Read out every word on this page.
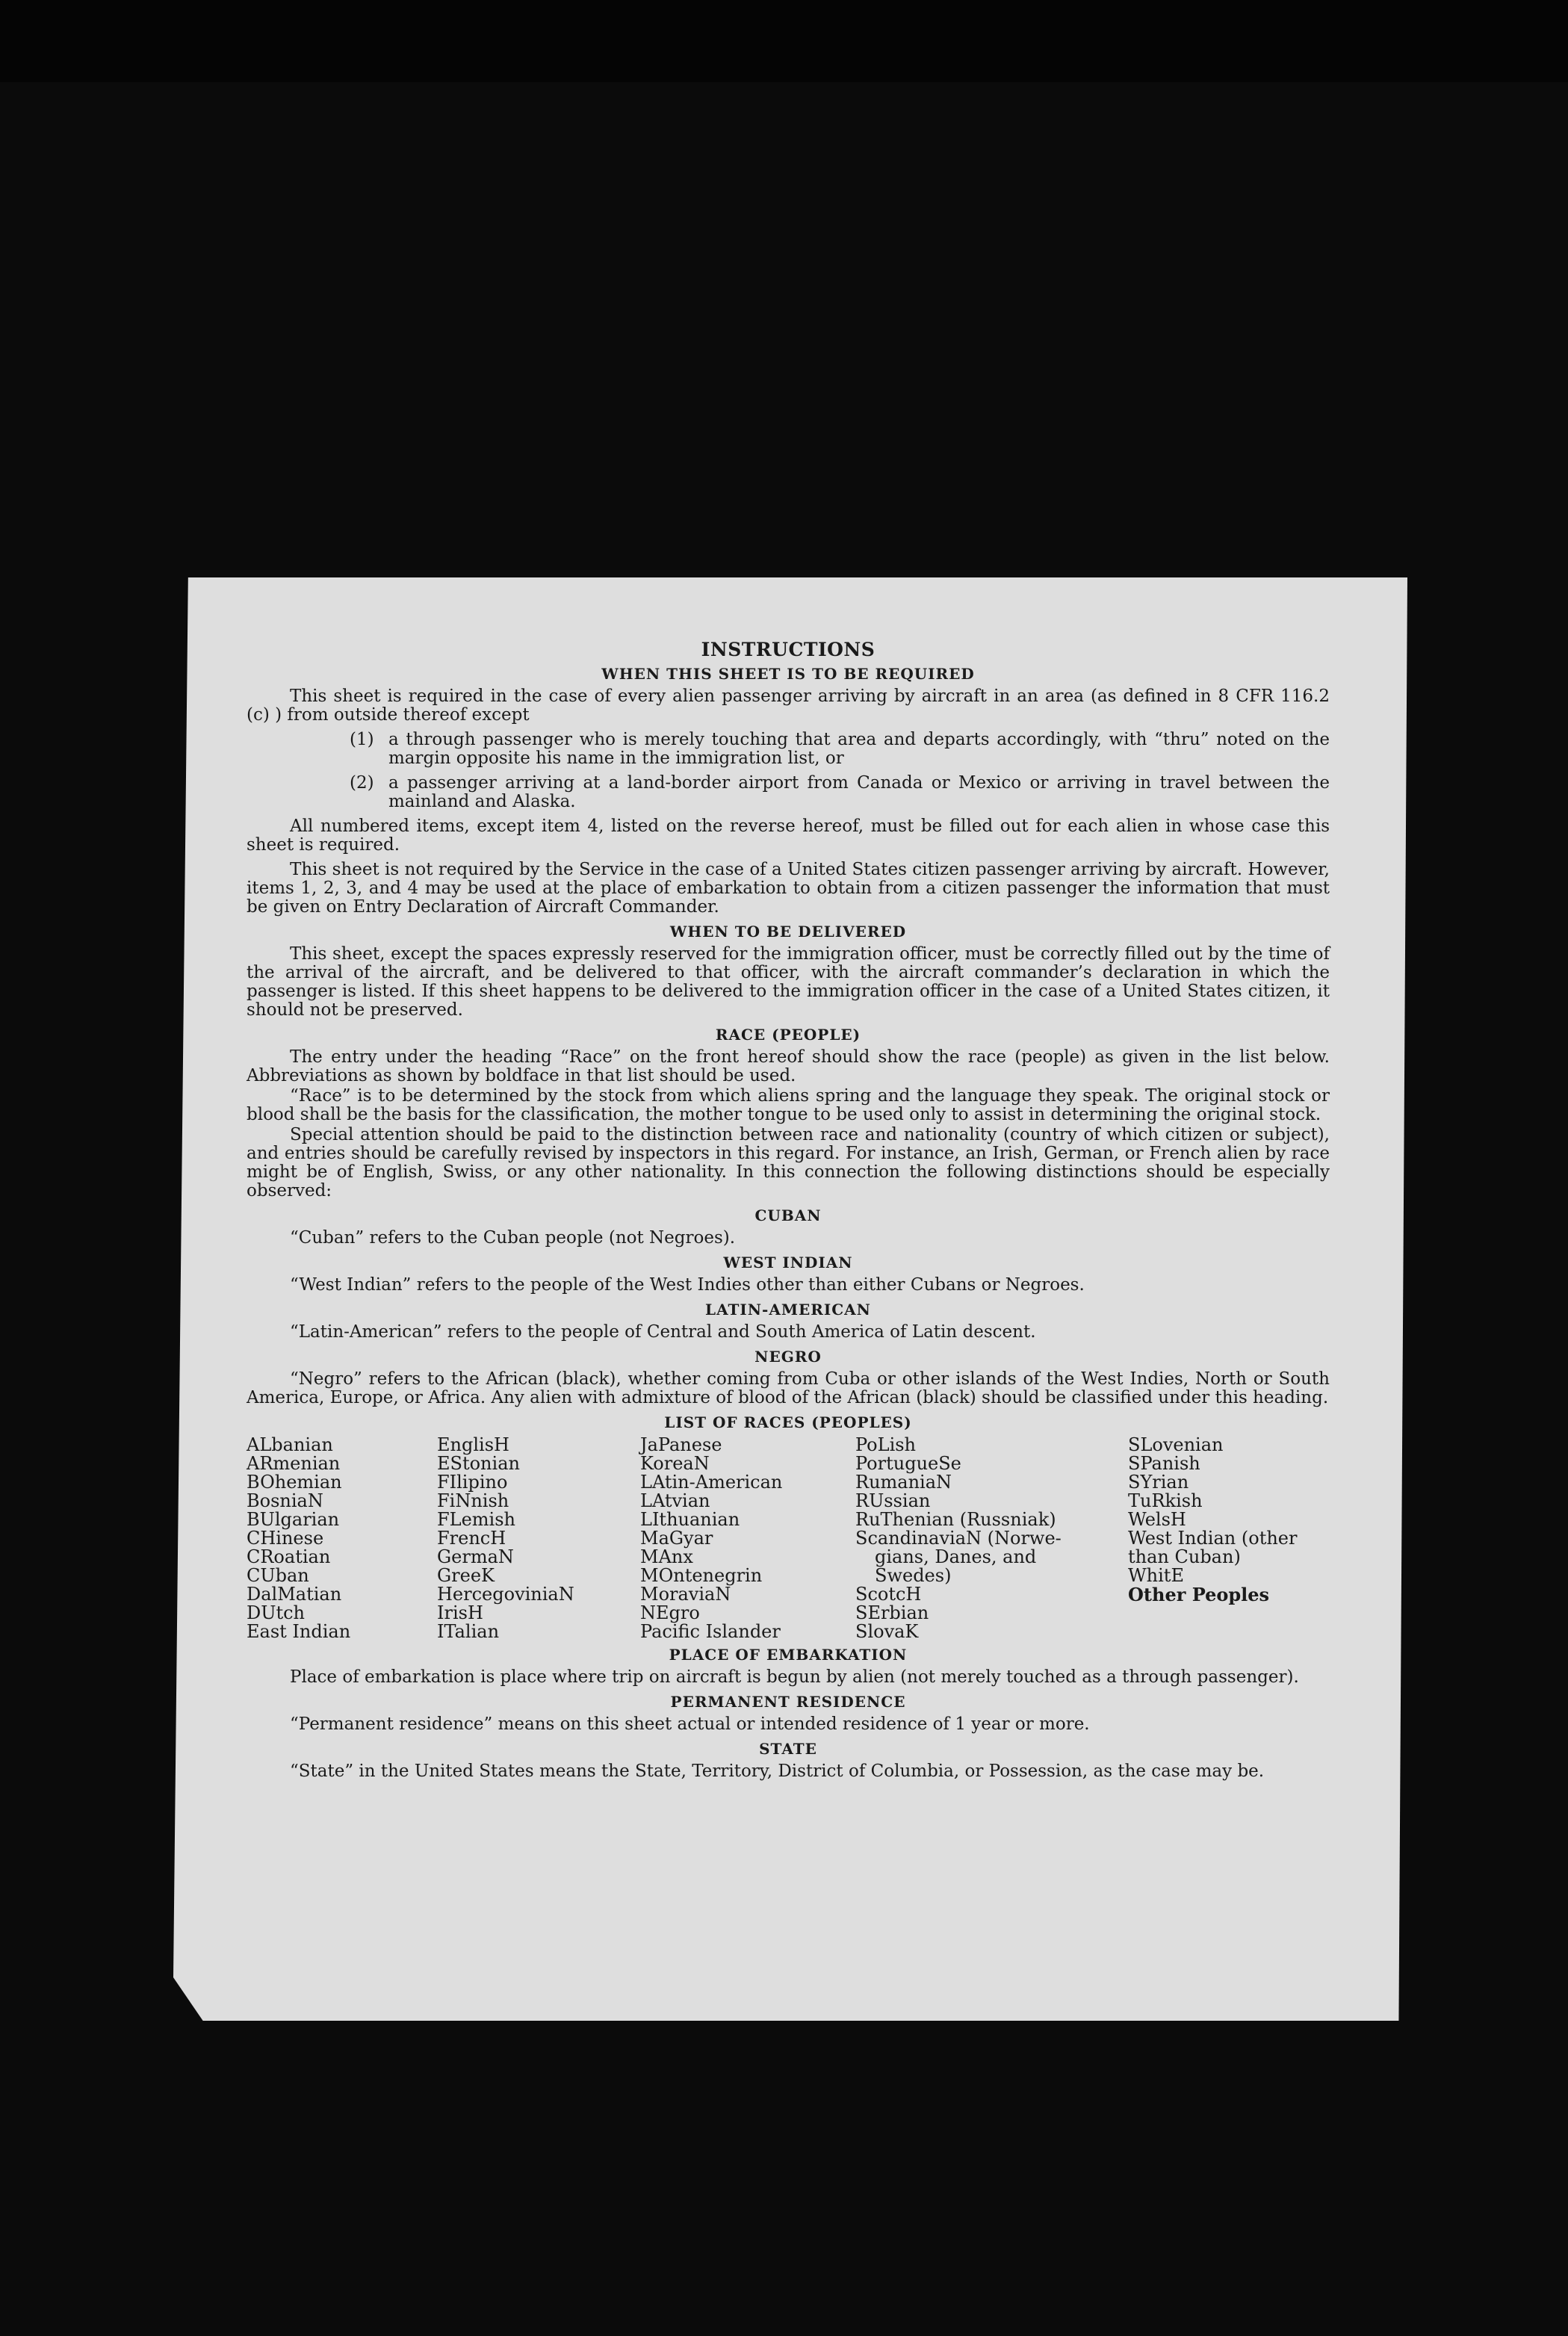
INSTRUCTIONS
WHEN THIS SHEET IS TO BE REQUIRED
This sheet is required in the case of every alien passenger arriving by aircraft in an area (as defined in 8 CFR 116.2 (c) ) from outside thereof except
(1) a through passenger who is merely touching that area and departs accordingly, with “thru” noted on the margin opposite his name in the immigration list, or
(2) a passenger arriving at a land-border airport from Canada or Mexico or arriving in travel between the mainland and Alaska.
All numbered items, except item 4, listed on the reverse hereof, must be filled out for each alien in whose case this sheet is required.
This sheet is not required by the Service in the case of a United States citizen passenger arriving by aircraft. However, items 1, 2, 3, and 4 may be used at the place of embarkation to obtain from a citizen passenger the information that must be given on Entry Declaration of Aircraft Commander.
WHEN TO BE DELIVERED
This sheet, except the spaces expressly reserved for the immigration officer, must be correctly filled out by the time of the arrival of the aircraft, and be delivered to that officer, with the aircraft commander’s declaration in which the passenger is listed. If this sheet happens to be delivered to the immigration officer in the case of a United States citizen, it should not be preserved.
RACE (PEOPLE)
The entry under the heading “Race” on the front hereof should show the race (people) as given in the list below. Abbreviations as shown by boldface in that list should be used.
“Race” is to be determined by the stock from which aliens spring and the language they speak. The original stock or blood shall be the basis for the classification, the mother tongue to be used only to assist in determining the original stock.
Special attention should be paid to the distinction between race and nationality (country of which citizen or subject), and entries should be carefully revised by inspectors in this regard. For instance, an Irish, German, or French alien by race might be of English, Swiss, or any other nationality. In this connection the following distinctions should be especially observed:
CUBAN
“Cuban” refers to the Cuban people (not Negroes).
WEST INDIAN
“West Indian” refers to the people of the West Indies other than either Cubans or Negroes.
LATIN-AMERICAN
“Latin-American” refers to the people of Central and South America of Latin descent.
NEGRO
“Negro” refers to the African (black), whether coming from Cuba or other islands of the West Indies, North or South America, Europe, or Africa. Any alien with admixture of blood of the African (black) should be classified under this heading.
LIST OF RACES (PEOPLES)
ALbanian
ARmenian
BOhemian
BosniaN
BUlgarian
CHinese
CRoatian
CUban
DalMatian
DUtch
East Indian
EnglisH
EStonian
FIlipino
FiNnish
FLemish
FrencH
GermaN
GreeK
HercegoviniaN
IrisH
ITalian
JaPanese
KoreaN
LAtin-American
LAtvian
LIthuanian
MaGyar
MAnx
MOntenegrin
MoraviaN
NEgro
Pacific Islander
PoLish
PortugueSe
RumaniaN
RUssian
RuThenian (Russniak)
ScandinaviaN (Norwe-
gians, Danes, and
Swedes)
ScotcH
SErbian
SlovaK
SLovenian
SPanish
SYrian
TuRkish
WelsH
West Indian (other
than Cuban)
WhitE
Other Peoples
PLACE OF EMBARKATION
Place of embarkation is place where trip on aircraft is begun by alien (not merely touched as a through passenger).
PERMANENT RESIDENCE
“Permanent residence” means on this sheet actual or intended residence of 1 year or more.
STATE
“State” in the United States means the State, Territory, District of Columbia, or Possession, as the case may be.
